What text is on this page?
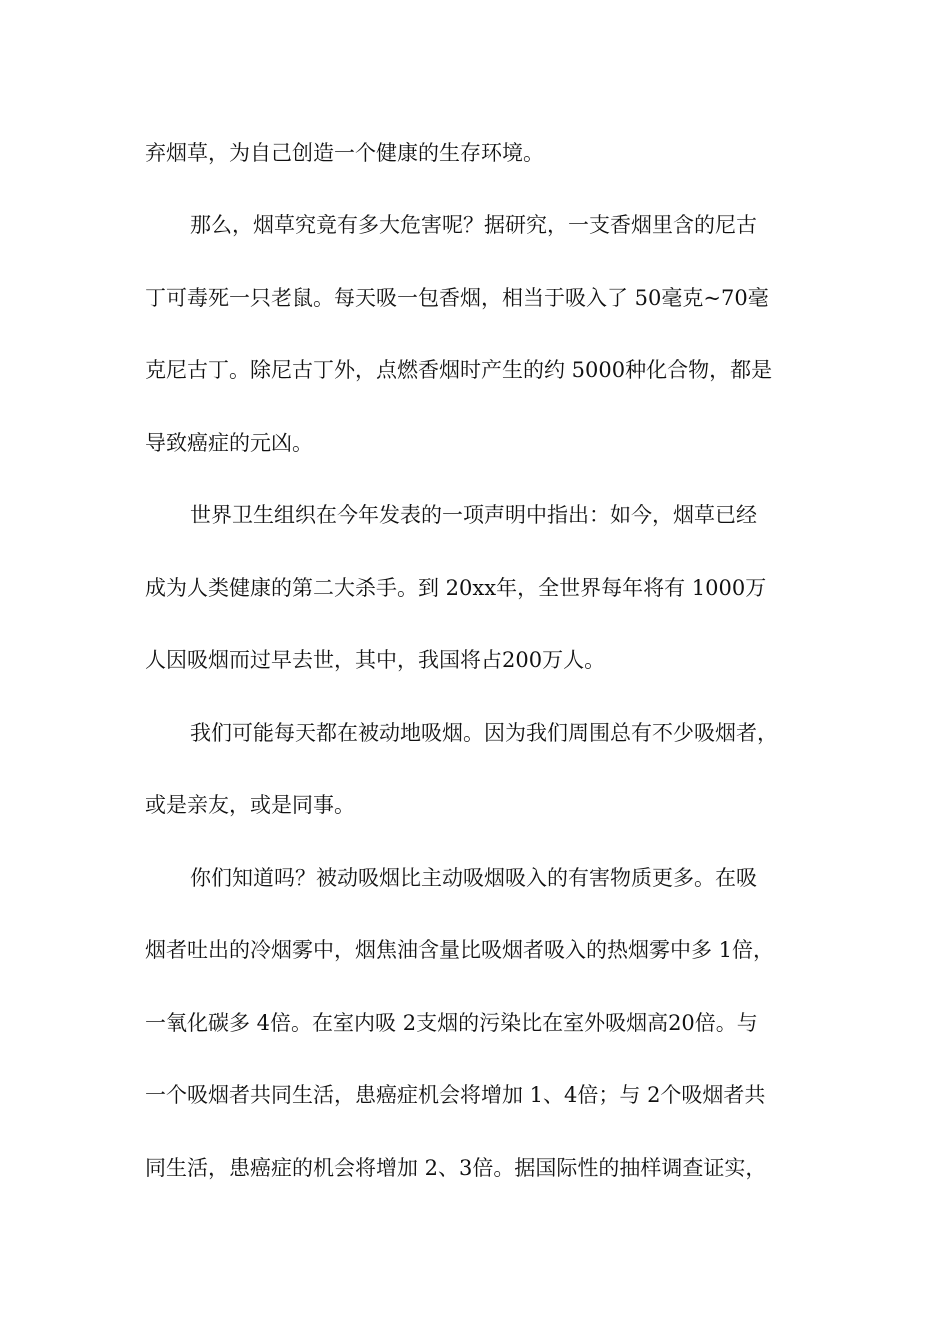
弃烟草，为自己创造一个健康的生存环境。
那么，烟草究竟有多大危害呢？据研究，一支香烟里含的尼古
丁可毒死一只老鼠。每天吸一包香烟，相当于吸入了 50毫克~70毫
克尼古丁。除尼古丁外，点燃香烟时产生的约 5000种化合物，都是
导致癌症的元凶。
世界卫生组织在今年发表的一项声明中指出：如今，烟草已经
成为人类健康的第二大杀手。到 20xx年，全世界每年将有 1000万
人因吸烟而过早去世，其中，我国将占200万人。
我们可能每天都在被动地吸烟。因为我们周围总有不少吸烟者，
或是亲友，或是同事。
你们知道吗？被动吸烟比主动吸烟吸入的有害物质更多。在吸
烟者吐出的冷烟雾中，烟焦油含量比吸烟者吸入的热烟雾中多 1倍，
一氧化碳多 4倍。在室内吸 2支烟的污染比在室外吸烟高20倍。与
一个吸烟者共同生活，患癌症机会将增加 1、4倍；与 2个吸烟者共
同生活，患癌症的机会将增加 2、3倍。据国际性的抽样调查证实，
